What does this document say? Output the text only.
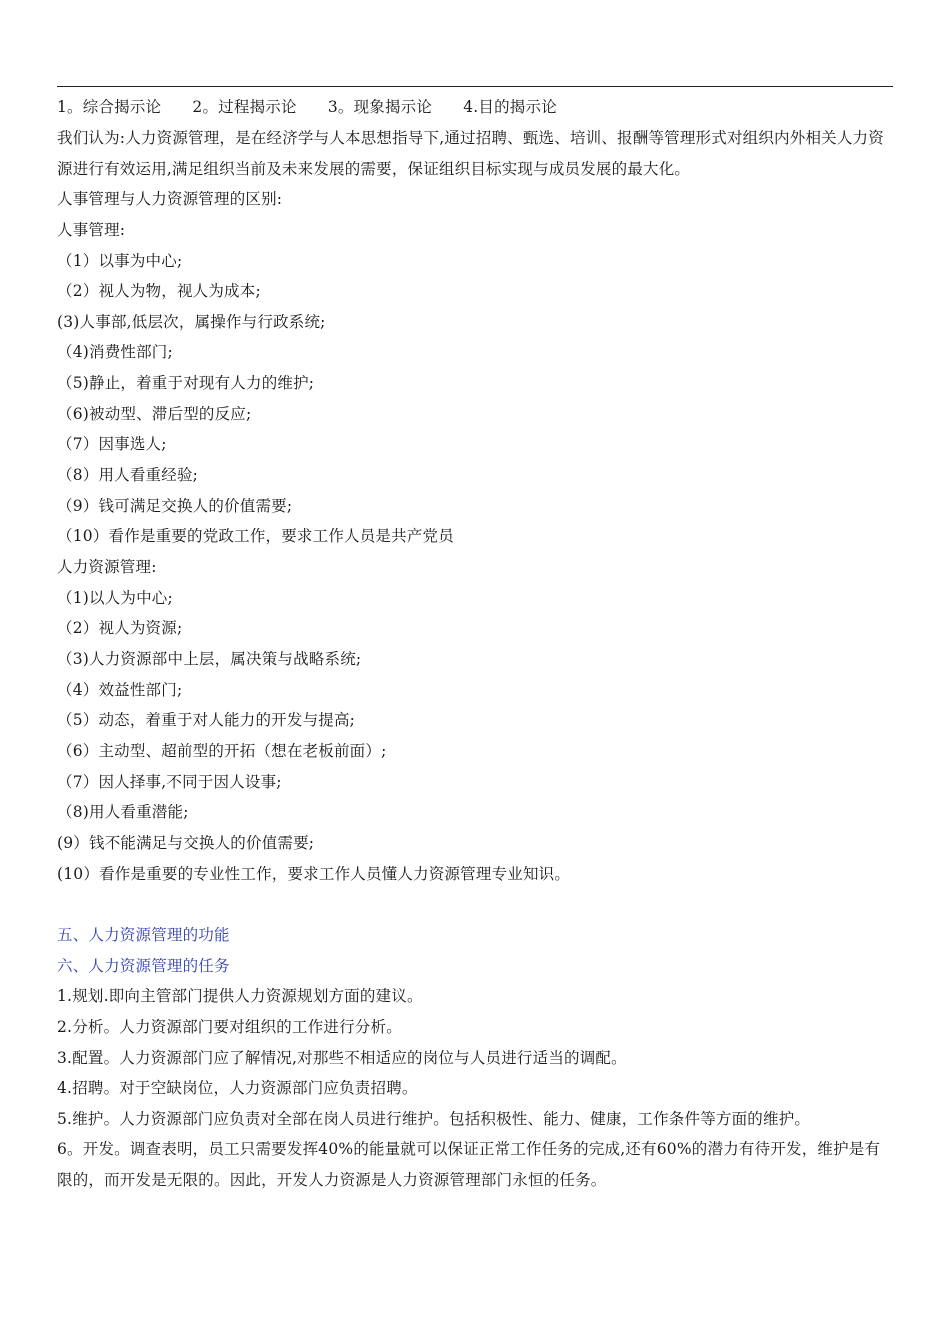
1。综合揭示论 2。过程揭示论 3。现象揭示论 4.目的揭示论
我们认为:人力资源管理，是在经济学与人本思想指导下,通过招聘、甄选、培训、报酬等管理形式对组织内外相关人力资源进行有效运用,满足组织当前及未来发展的需要，保证组织目标实现与成员发展的最大化。
人事管理与人力资源管理的区别:
人事管理:
（1）以事为中心;
（2）视人为物，视人为成本;
(3)人事部,低层次，属操作与行政系统;
（4)消费性部门;
（5)静止，着重于对现有人力的维护;
（6)被动型、滞后型的反应;
（7）因事选人;
（8）用人看重经验;
（9）钱可满足交换人的价值需要;
（10）看作是重要的党政工作，要求工作人员是共产党员
人力资源管理:
（1)以人为中心;
（2）视人为资源;
（3)人力资源部中上层，属决策与战略系统;
（4）效益性部门;
（5）动态，着重于对人能力的开发与提高;
（6）主动型、超前型的开拓（想在老板前面）;
（7）因人择事,不同于因人设事;
（8)用人看重潜能;
(9）钱不能满足与交换人的价值需要;
(10）看作是重要的专业性工作，要求工作人员懂人力资源管理专业知识。
五、人力资源管理的功能
六、人力资源管理的任务
1.规划.即向主管部门提供人力资源规划方面的建议。
2.分析。人力资源部门要对组织的工作进行分析。
3.配置。人力资源部门应了解情况,对那些不相适应的岗位与人员进行适当的调配。
4.招聘。对于空缺岗位，人力资源部门应负责招聘。
5.维护。人力资源部门应负责对全部在岗人员进行维护。包括积极性、能力、健康，工作条件等方面的维护。
6。开发。调查表明，员工只需要发挥40%的能量就可以保证正常工作任务的完成,还有60%的潜力有待开发，维护是有限的，而开发是无限的。因此，开发人力资源是人力资源管理部门永恒的任务。
